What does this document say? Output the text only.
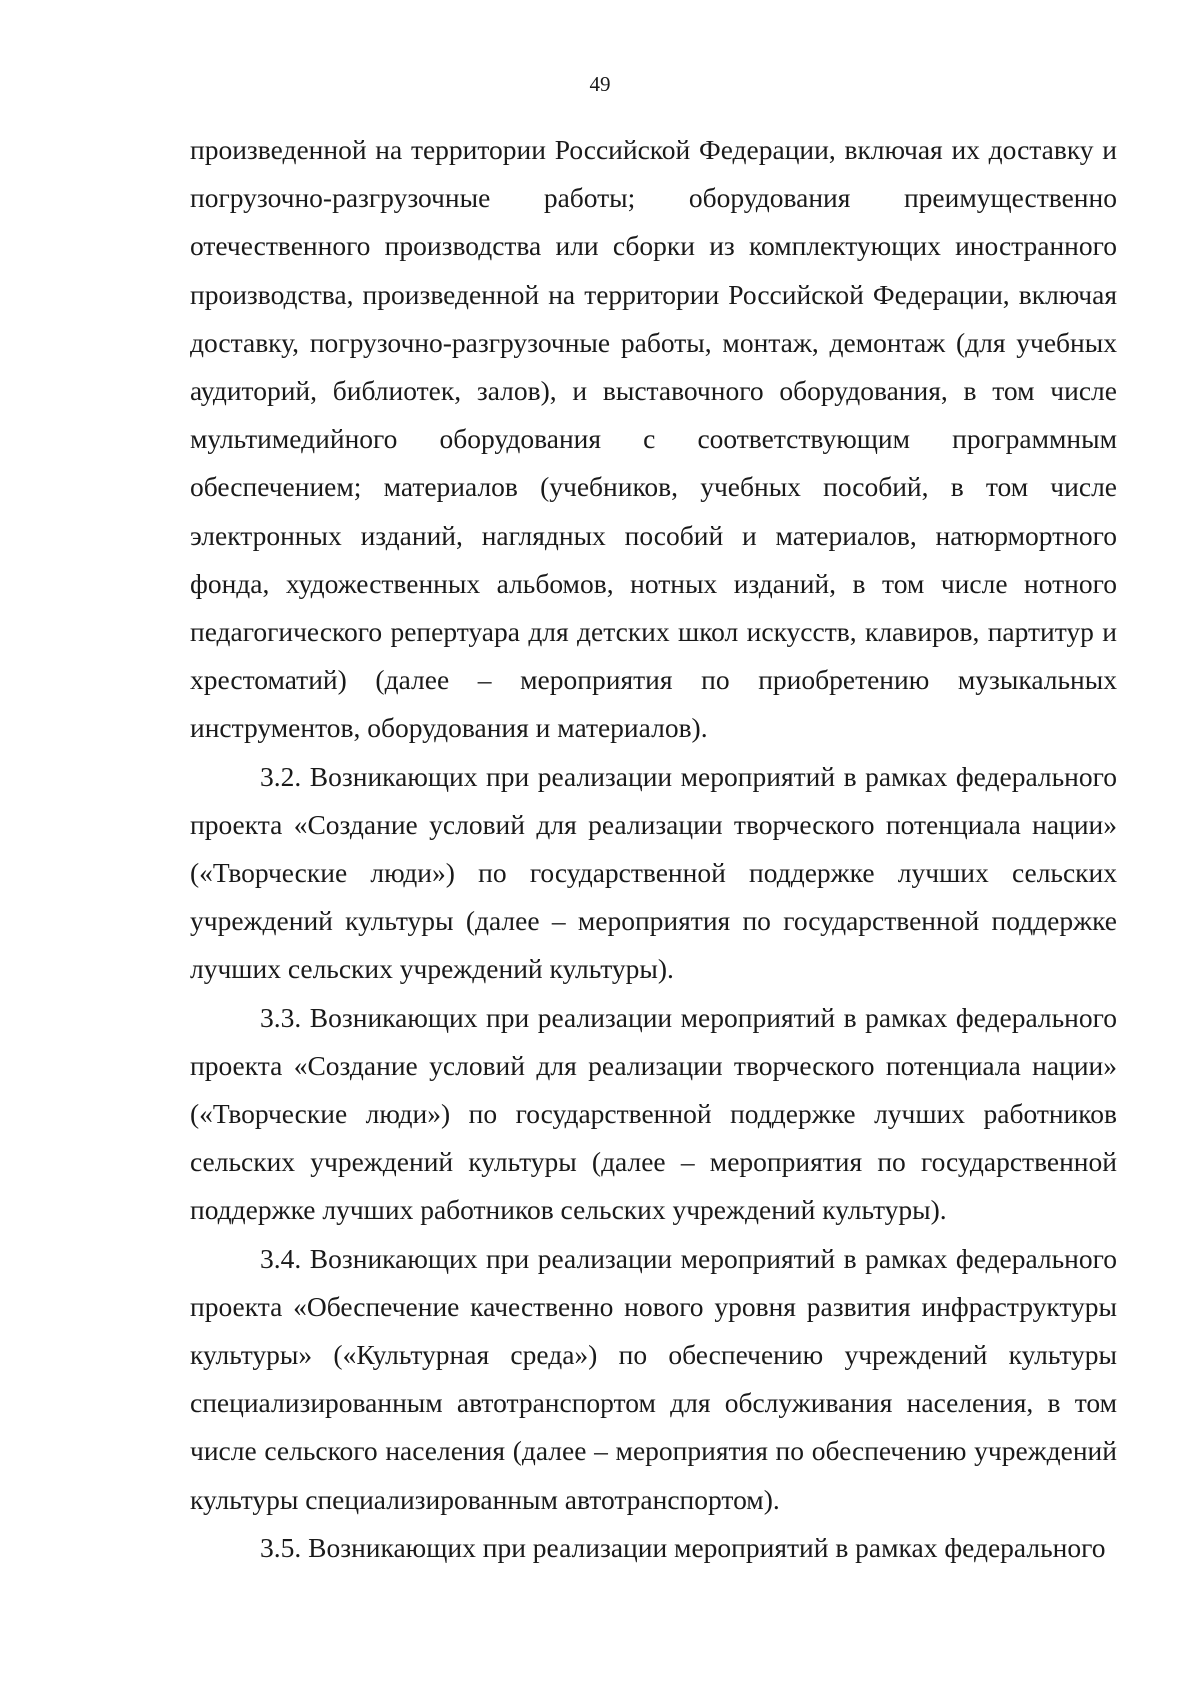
49

произведенной на территории Российской Федерации, включая их доставку и погрузочно-разгрузочные работы; оборудования преимущественно отечественного производства или сборки из комплектующих иностранного производства, произведенной на территории Российской Федерации, включая доставку, погрузочно-разгрузочные работы, монтаж, демонтаж (для учебных аудиторий, библиотек, залов), и выставочного оборудования, в том числе мультимедийного оборудования с соответствующим программным обеспечением; материалов (учебников, учебных пособий, в том числе электронных изданий, наглядных пособий и материалов, натюрмортного фонда, художественных альбомов, нотных изданий, в том числе нотного педагогического репертуара для детских школ искусств, клавиров, партитур и хрестоматий) (далее – мероприятия по приобретению музыкальных инструментов, оборудования и материалов).

3.2. Возникающих при реализации мероприятий в рамках федерального проекта «Создание условий для реализации творческого потенциала нации» («Творческие люди») по государственной поддержке лучших сельских учреждений культуры (далее – мероприятия по государственной поддержке лучших сельских учреждений культуры).

3.3. Возникающих при реализации мероприятий в рамках федерального проекта «Создание условий для реализации творческого потенциала нации» («Творческие люди») по государственной поддержке лучших работников сельских учреждений культуры (далее – мероприятия по государственной поддержке лучших работников сельских учреждений культуры).

3.4. Возникающих при реализации мероприятий в рамках федерального проекта «Обеспечение качественно нового уровня развития инфраструктуры культуры» («Культурная среда») по обеспечению учреждений культуры специализированным автотранспортом для обслуживания населения, в том числе сельского населения (далее – мероприятия по обеспечению учреждений культуры специализированным автотранспортом).

3.5. Возникающих при реализации мероприятий в рамках федерального
